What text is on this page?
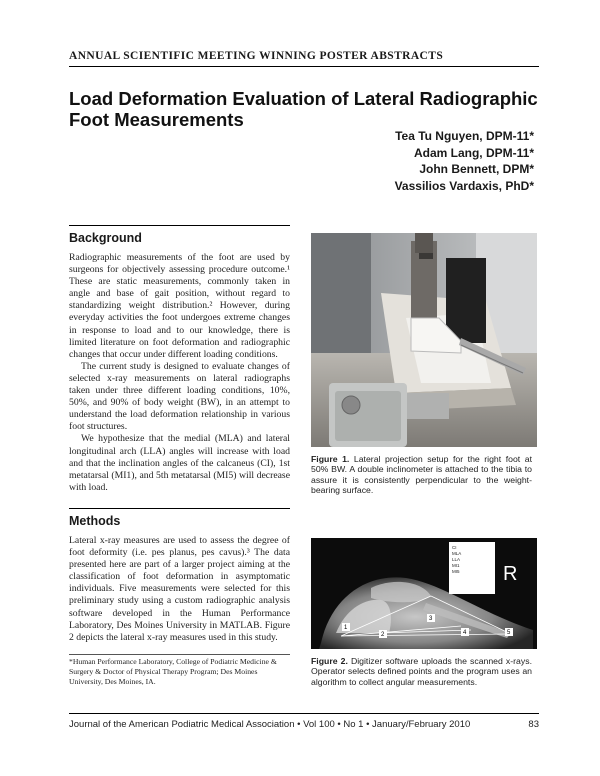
ANNUAL SCIENTIFIC MEETING WINNING POSTER ABSTRACTS
Load Deformation Evaluation of Lateral Radiographic Foot Measurements
Tea Tu Nguyen, DPM-11*
Adam Lang, DPM-11*
John Bennett, DPM*
Vassilios Vardaxis, PhD*
Background

Radiographic measurements of the foot are used by surgeons for objectively assessing procedure outcome.¹ These are static measurements, commonly taken in angle and base of gait position, without regard to standardizing weight distribution.² However, during everyday activities the foot undergoes extreme changes in response to load and to our knowledge, there is limited literature on foot deformation and radiographic changes that occur under different loading conditions.

The current study is designed to evaluate changes of selected x-ray measurements on lateral radiographs taken under three different loading conditions, 10%, 50%, and 90% of body weight (BW), in an attempt to understand the load deformation relationship in various foot structures.

We hypothesize that the medial (MLA) and lateral longitudinal arch (LLA) angles will increase with load and that the inclination angles of the calcaneus (CI), 1st metatarsal (MI1), and 5th metatarsal (MI5) will decrease with load.

Methods

Lateral x-ray measures are used to assess the degree of foot deformity (i.e. pes planus, pes cavus).³ The data presented here are part of a larger project aiming at the classification of foot deformation in asymptomatic individuals. Five measurements were selected for this preliminary study using a custom radiographic analysis software developed in the Human Performance Laboratory, Des Moines University in MATLAB. Figure 2 depicts the lateral x-ray measures used in this study.

*Human Performance Laboratory, College of Podiatric Medicine & Surgery & Doctor of Physical Therapy Program; Des Moines University, Des Moines, IA.
Figure 1. Lateral projection setup for the right foot at 50% BW. A double inclinometer is attached to the tibia to assure it is consistently perpendicular to the weight-bearing surface.
CI
MLA
LLA
MI1
MI5 R
1
2
3
4	5
Figure 2. Digitizer software uploads the scanned x-rays. Operator selects defined points and the program uses an algorithm to collect angular measurements.
Journal of the American Podiatric Medical Association • Vol 100 • No 1 • January/February 2010	83
